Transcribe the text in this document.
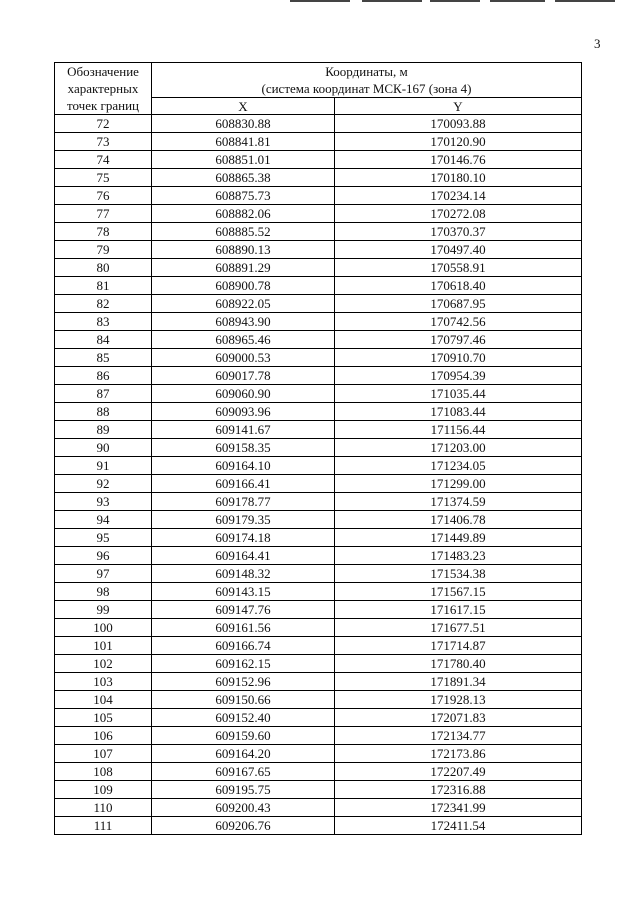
3
Обозначение
характерных
точек границ	Координаты, м
(система координат МСК-167 (зона 4)	
	X	Y

72	608830.88	170093.88
73	608841.81	170120.90
74	608851.01	170146.76
75	608865.38	170180.10
76	608875.73	170234.14
77	608882.06	170272.08
78	608885.52	170370.37
79	608890.13	170497.40
80	608891.29	170558.91
81	608900.78	170618.40
82	608922.05	170687.95
83	608943.90	170742.56
84	608965.46	170797.46
85	609000.53	170910.70
86	609017.78	170954.39
87	609060.90	171035.44
88	609093.96	171083.44
89	609141.67	171156.44
90	609158.35	171203.00
91	609164.10	171234.05
92	609166.41	171299.00
93	609178.77	171374.59
94	609179.35	171406.78
95	609174.18	171449.89
96	609164.41	171483.23
97	609148.32	171534.38
98	609143.15	171567.15
99	609147.76	171617.15
100	609161.56	171677.51
101	609166.74	171714.87
102	609162.15	171780.40
103	609152.96	171891.34
104	609150.66	171928.13
105	609152.40	172071.83
106	609159.60	172134.77
107	609164.20	172173.86
108	609167.65	172207.49
109	609195.75	172316.88
110	609200.43	172341.99
111	609206.76	172411.54
